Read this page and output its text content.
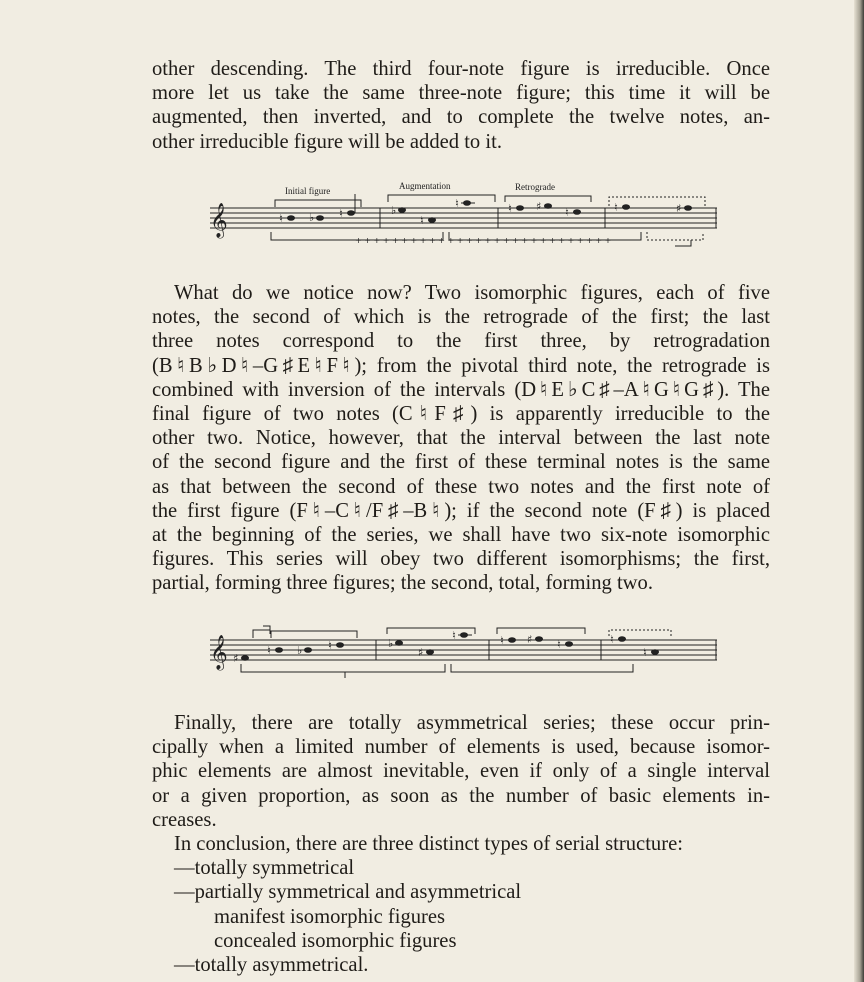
other descending. The third four-note figure is irreducible. Once
more let us take the same three-note figure; this time it will be
augmented, then inverted, and to complete the twelve notes, an-
other irreducible figure will be added to it.
Initial figure	Augmentation	Retrograde
𝄞	♮ ♭ ♮	♭
♮
♮	♮ ♯ ♮	♮	♯
+ + + + + + + + + + + + + + + + + + + + + + + + + + + +
What do we notice now? Two isomorphic figures, each of five
notes, the second of which is the retrograde of the first; the last
three notes correspond to the first three, by retrogradation
(B♮B♭D♮–G♯E♮F♮); from the pivotal third note, the retrograde is
combined with inversion of the intervals (D♮E♭C♯–A♮G♮G♯). The
final figure of two notes (C♮F♯) is apparently irreducible to the
other two. Notice, however, that the interval between the last note
of the second figure and the first of these terminal notes is the same
as that between the second of these two notes and the first note of
the first figure (F♮–C♮/F♯–B♮); if the second note (F♯) is placed
at the beginning of the series, we shall have two six-note isomorphic
figures. This series will obey two different isomorphisms; the first,
partial, forming three figures; the second, total, forming two.
𝄞 ♯
♮ ♭ ♮	♭
♯
♮	♮ ♯ ♮	♮
♮
Finally, there are totally asymmetrical series; these occur prin-
cipally when a limited number of elements is used, because isomor-
phic elements are almost inevitable, even if only of a single interval
or a given proportion, as soon as the number of basic elements in-
creases.
In conclusion, there are three distinct types of serial structure:
—totally symmetrical
—partially symmetrical and asymmetrical
manifest isomorphic figures
concealed isomorphic figures
—totally asymmetrical.
